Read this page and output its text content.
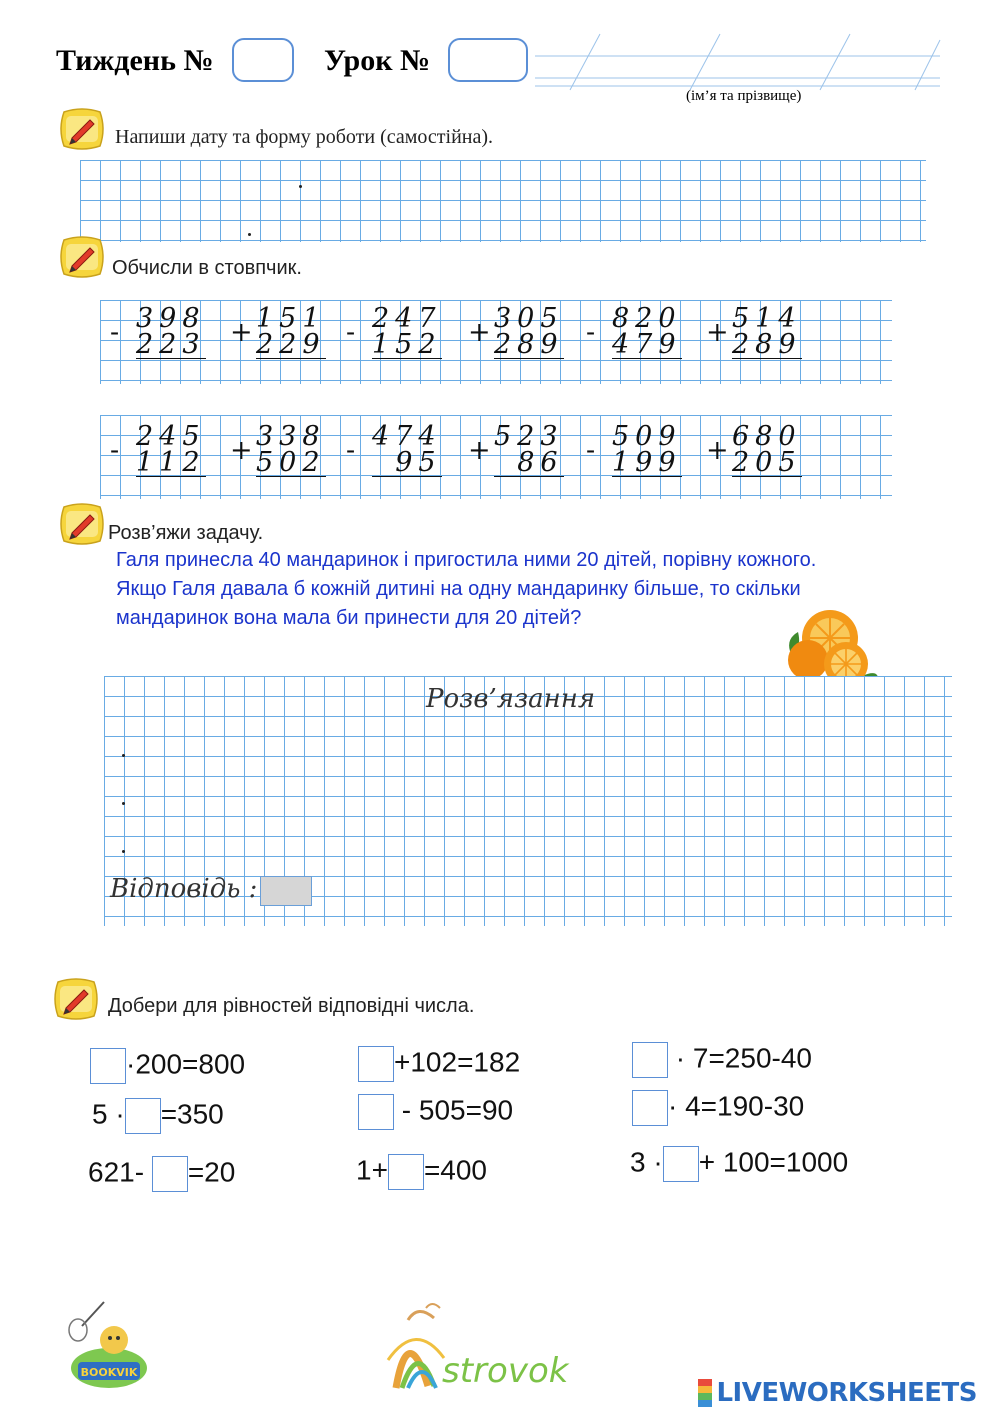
Тиждень №	Урок №
(ім’я та прізвище)
Напиши дату та форму роботи (самостійна).
Обчисли в стовпчик.
- 398
223 + 151
229 - 247
152 + 305
289 - 820
479 + 514
289
- 245
112 + 338
502 - 474
95 + 523
86 - 509
199 + 680
205
Розв’яжи задачу.
Галя принесла 40 мандаринок і пригостила ними 20 дітей, порівну кожного.
Якщо Галя давала б кожній дитині на одну мандаринку більше, то скільки
мандаринок вона мала би принести для 20 дітей?
Розв’язання
Відповідь :
Добери для рівностей відповідні числа.
·200=800
5 · =350
621- =20
+102=182
- 505=90
1+ =400
· 7=250-40
· 4=190-30
3 · + 100=1000
BOOKVIK	strovok
LIVEWORKSHEETS
